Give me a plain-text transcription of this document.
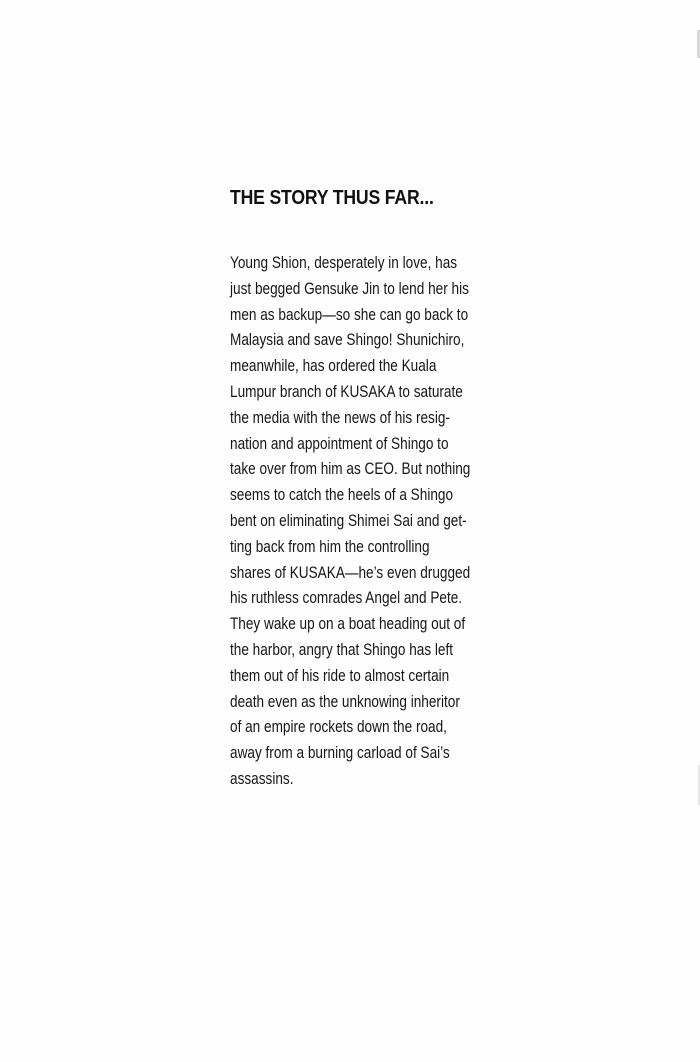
THE STORY THUS FAR...
Young Shion, desperately in love, has
just begged Gensuke Jin to lend her his
men as backup—so she can go back to
Malaysia and save Shingo! Shunichiro,
meanwhile, has ordered the Kuala
Lumpur branch of KUSAKA to saturate
the media with the news of his resig-
nation and appointment of Shingo to
take over from him as CEO. But nothing
seems to catch the heels of a Shingo
bent on eliminating Shimei Sai and get-
ting back from him the controlling
shares of KUSAKA—he’s even drugged
his ruthless comrades Angel and Pete.
They wake up on a boat heading out of
the harbor, angry that Shingo has left
them out of his ride to almost certain
death even as the unknowing inheritor
of an empire rockets down the road,
away from a burning carload of Sai’s
assassins.
